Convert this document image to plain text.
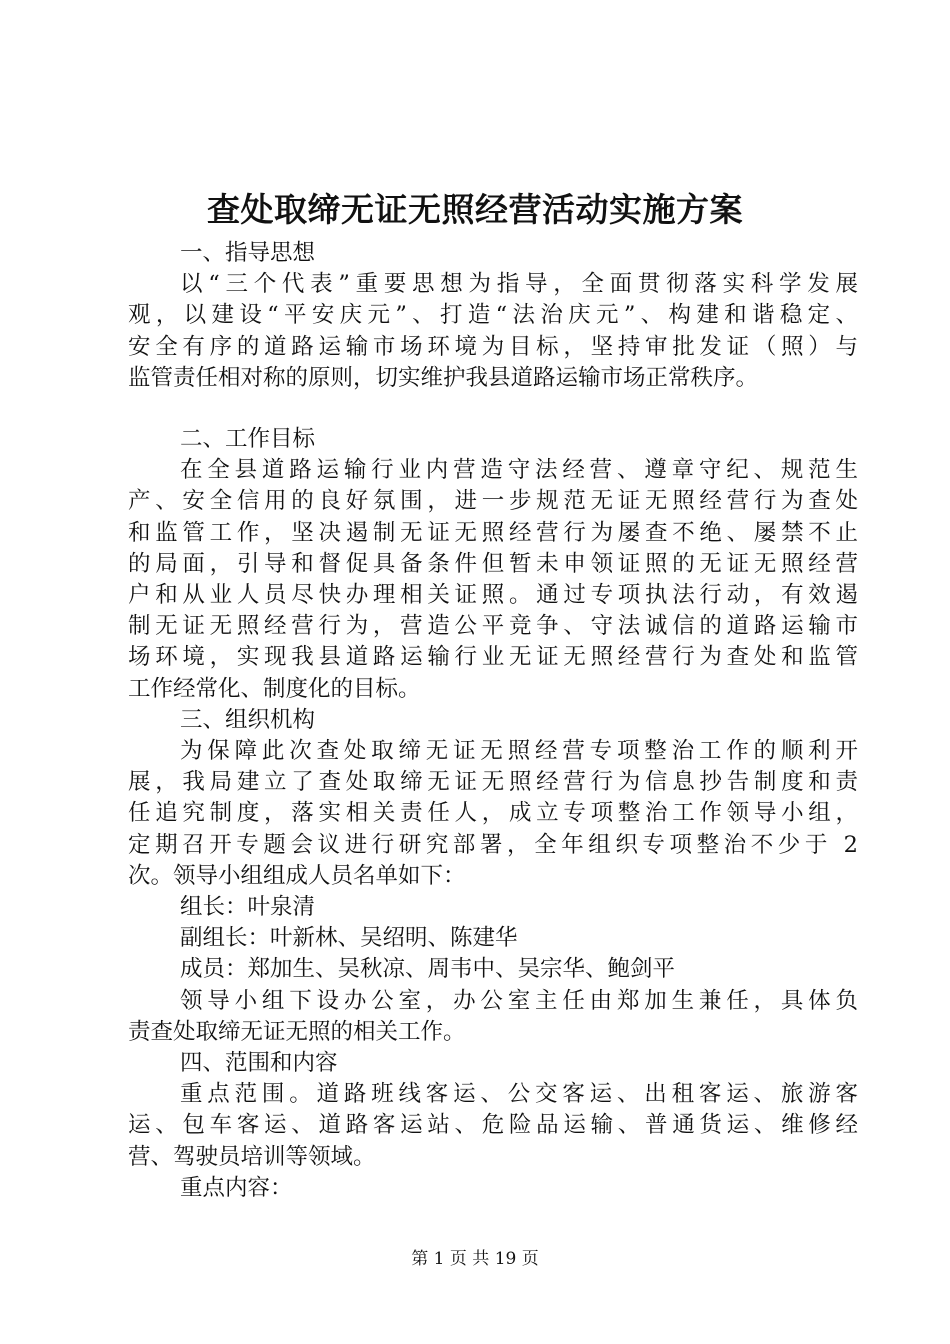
查处取缔无证无照经营活动实施方案
一、指导思想
以“三个代表”重要思想为指导，全面贯彻落实科学发展
观，以建设“平安庆元”、打造“法治庆元”、构建和谐稳定、
安全有序的道路运输市场环境为目标，坚持审批发证（照）与
监管责任相对称的原则，切实维护我县道路运输市场正常秩序。
二、工作目标
在全县道路运输行业内营造守法经营、遵章守纪、规范生
产、安全信用的良好氛围，进一步规范无证无照经营行为查处
和监管工作，坚决遏制无证无照经营行为屡查不绝、屡禁不止
的局面，引导和督促具备条件但暂未申领证照的无证无照经营
户和从业人员尽快办理相关证照。通过专项执法行动，有效遏
制无证无照经营行为，营造公平竞争、守法诚信的道路运输市
场环境，实现我县道路运输行业无证无照经营行为查处和监管
工作经常化、制度化的目标。
三、组织机构
为保障此次查处取缔无证无照经营专项整治工作的顺利开
展，我局建立了查处取缔无证无照经营行为信息抄告制度和责
任追究制度，落实相关责任人，成立专项整治工作领导小组，
定期召开专题会议进行研究部署，全年组织专项整治不少于 2
次。领导小组组成人员名单如下：
组长：叶泉清
副组长：叶新林、吴绍明、陈建华
成员：郑加生、吴秋凉、周韦中、吴宗华、鲍剑平
领导小组下设办公室，办公室主任由郑加生兼任，具体负
责查处取缔无证无照的相关工作。
四、范围和内容
重点范围。道路班线客运、公交客运、出租客运、旅游客
运、包车客运、道路客运站、危险品运输、普通货运、维修经
营、驾驶员培训等领域。
重点内容：
第 1 页 共 19 页
